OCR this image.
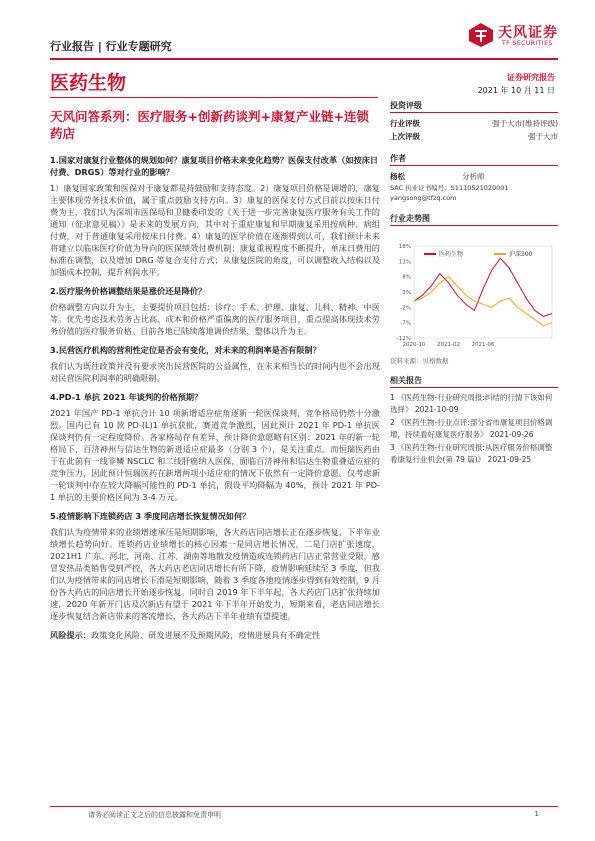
行业报告 | 行业专题研究
天风证券
TF SECURITIES
医药生物	证券研究报告
2021 年 10 月 11 日
天风问答系列：医疗服务+创新药谈判+康复产业链+连锁药店
1.国家对康复行业整体的规划如何？康复项目价格未来变化趋势？医保支付改革（如按床日付费、DRGS）等对行业的影响？
1）康复国家政策和医保对于康复都是持鼓励和支持态度。2）康复项目价格是调增的，康复主要体现劳务技术价值，属于重点鼓励支持方向。3）康复的医保支付方式目前以按床日付费为主，我们认为深圳市医保局和卫健委印发的《关于进一步完善康复医疗服务有关工作的通知（征求意见稿）》是未来的发展方向，其中对于重症康复和早期康复采用按病种、病组付费，对于普通康复采用按床日付费。4）康复的医学价值在逐渐得到认可，我们预计未来将建立以临床医疗价值为导向的医保绩效付费机制；康复重视程度不断提升，单床日费用的标准在调整，以及增加 DRG 等复合支付方式；从康复医院的角度，可以调整收入结构以及加强成本控制，提升利润水平。
2.医疗服务价格调整结果是涨价还是降价？
价格调整方向以升为主，主要提价项目包括：诊疗、手术、护理、康复、儿科、精神、中医等。优先考虑技术劳务占比高、成本和价格严重偏离的医疗服务项目，重点提高体现技术劳务价值的医疗服务价格。目前各地已陆续落地调价结果，整体以升为主。
3.民营医疗机构的营利性定位是否会有变化，对未来的利润率是否有限制？
我们认为既往政策并没有要求突出民营医院的公益属性，在未来相当长的时间内也不会出现对民营医院利润率的明确限制。
4.PD-1 单抗 2021 年谈判的价格预期？
2021 年国产 PD-1 单抗合计 10 项新增适应症角逐新一轮医保谈判，竞争格局仍然十分激烈。国内已有 10 款 PD-(L)1 单抗获批，赛道竞争激烈，因此预计 2021 年 PD-1 单抗医保谈判仍有一定程度降价。各家格局存有差异，预计降价意愿略有区别：2021 年的新一轮格局下，百济神州与信达生物的新进适应症最多（分别 3 个），是关注重点。而恒瑞医药由于在此前有一线非鳞 NSCLC 和二线肝癌纳入医保，面临百济神州和信达生物重叠适应症的竞争压力，因此预计恒瑞医药在新增两项小适应症的情况下依然有一定降价意愿。仅考虑新一轮谈判中存在较大降幅可能性的 PD-1 单抗，假设平均降幅为 40%，预计 2021 年 PD-1 单抗的主要价格区间为 3-4 万元。
5.疫情影响下连锁药店 3 季度同店增长恢复情况如何？
我们认为疫情带来的业绩增速承压是短期影响，各大药店同店增长正在逐步恢复，下半年业绩增长趋势向好。连锁药店业绩增长的核心因素一是同店增长情况，二是门店扩张速度，2021H1 广东、河北、河南、江苏、湖南等地散发疫情造成连锁药店门店正常营业受限，感冒发热品类销售受到严控，各大药店老店同店增长有所下降，疫情影响延续至 3 季度，但我们认为疫情带来的同店增长下滑是短期影响，随着 3 季度各地疫情逐步得到有效控制，9 月份各大药店的同店增长开始逐步恢复。同时自 2019 年下半年起，各大药店门店扩张持续加速，2020 年新开门店及次新店有望于 2021 年下半年开始发力，短期来看，老店同店增长逐步恢复结合新店带来的客流增长，各大药店下半年业绩有望提速。
风险提示：政策变化风险、研发进展不及预期风险，疫情进展具有不确定性
投资评级
行业评级	强于大市(维持评级)
上次评级	强于大市
作者
杨松	分析师
SAC 执业证书编号：S1110521020001
yangsong@tfzq.com
行业走势图
18%
13%
8%
3%
-2%
-7%
-12%
2020-10 2021-02 2021-06
医药生物	沪深300
资料来源：贝格数据
相关报告
1 《医药生物-行业研究周报:纠结的行情下该如何选择》 2021-10-09
2 《医药生物-行业点评:部分省市康复项目价格调增，持续看好康复医疗服务》 2021-09-26
3 《医药生物-行业研究周报:从医疗服务价格调整看康复行业机会(第 79 篇)》 2021-09-25
请务必阅读正文之后的信息披露和免责申明	1
